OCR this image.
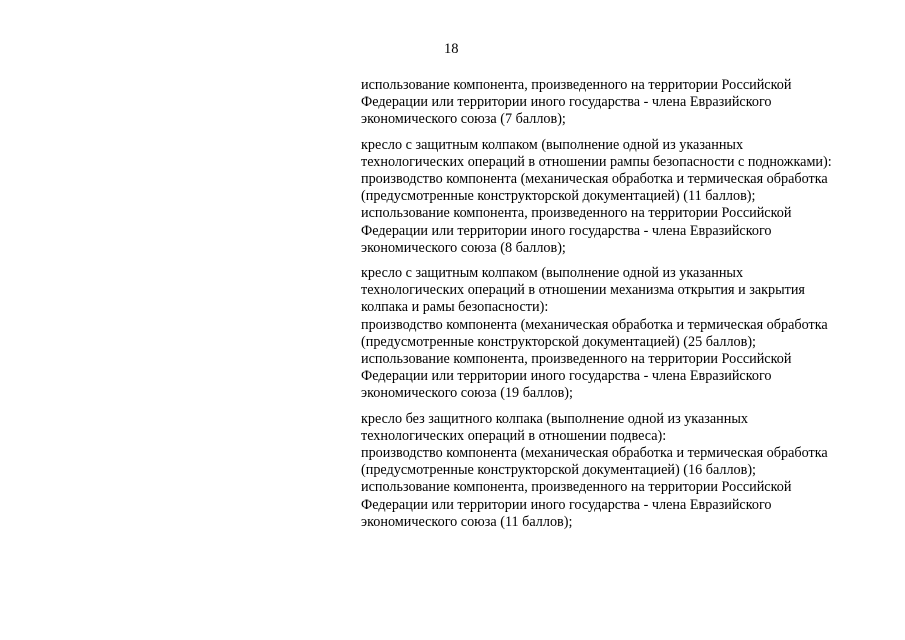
18
использование компонента, произведенного на территории Российской
Федерации или территории иного государства - члена Евразийского
экономического союза (7 баллов);
кресло с защитным колпаком (выполнение одной из указанных
технологических операций в отношении рампы безопасности с подножками):
производство компонента (механическая обработка и термическая обработка
(предусмотренные конструкторской документацией) (11 баллов);
использование компонента, произведенного на территории Российской
Федерации или территории иного государства - члена Евразийского
экономического союза (8 баллов);
кресло с защитным колпаком (выполнение одной из указанных
технологических операций в отношении механизма открытия и закрытия
колпака и рамы безопасности):
производство компонента (механическая обработка и термическая обработка
(предусмотренные конструкторской документацией) (25 баллов);
использование компонента, произведенного на территории Российской
Федерации или территории иного государства - члена Евразийского
экономического союза (19 баллов);
кресло без защитного колпака (выполнение одной из указанных
технологических операций в отношении подвеса):
производство компонента (механическая обработка и термическая обработка
(предусмотренные конструкторской документацией) (16 баллов);
использование компонента, произведенного на территории Российской
Федерации или территории иного государства - члена Евразийского
экономического союза (11 баллов);
